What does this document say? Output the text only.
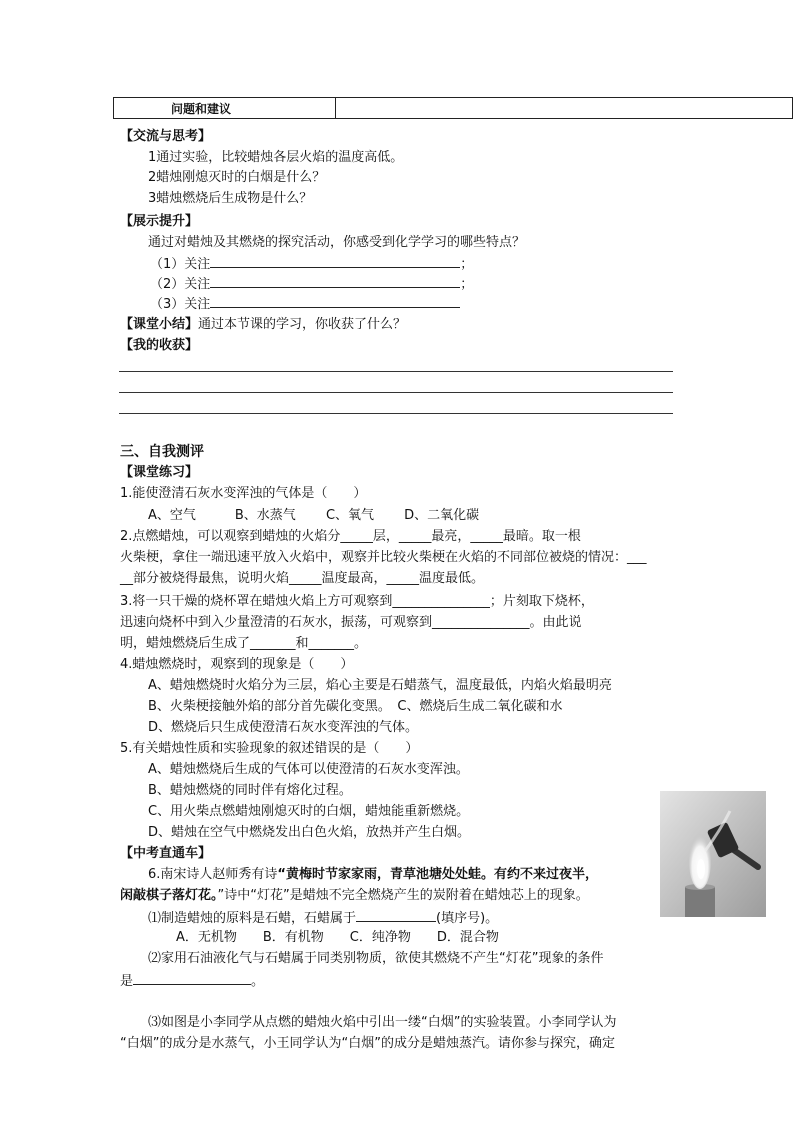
问题和建议	
【交流与思考】
1通过实验，比较蜡烛各层火焰的温度高低。
2蜡烛刚熄灭时的白烟是什么？
3蜡烛燃烧后生成物是什么？
【展示提升】
通过对蜡烛及其燃烧的探究活动，你感受到化学学习的哪些特点？
（1）关注	；
（2）关注	；
（3）关注
【课堂小结】通过本节课的学习，你收获了什么？
【我的收获】
三、自我测评
【课堂练习】
1.能使澄清石灰水变浑浊的气体是（　　）
A、空气　　　B、水蒸气　　 C、氧气　　 D、二氧化碳
2.点燃蜡烛，可以观察到蜡烛的火焰分_____层，_____最亮，_____最暗。取一根
火柴梗，拿住一端迅速平放入火焰中，观察并比较火柴梗在火焰的不同部位被烧的情况：___
__部分被烧得最焦，说明火焰_____温度最高，_____温度最低。
3.将一只干燥的烧杯罩在蜡烛火焰上方可观察到_______________；片刻取下烧杯，
迅速向烧杯中到入少量澄清的石灰水，振荡，可观察到_______________。由此说
明，蜡烛燃烧后生成了_______和_______。
4.蜡烛燃烧时，观察到的现象是（　　）
A、蜡烛燃烧时火焰分为三层，焰心主要是石蜡蒸气，温度最低，内焰火焰最明亮
B、火柴梗接触外焰的部分首先碳化变黑。　C、燃烧后生成二氧化碳和水
D、燃烧后只生成使澄清石灰水变浑浊的气体。
5.有关蜡烛性质和实验现象的叙述错误的是（　　）
A、蜡烛燃烧后生成的气体可以使澄清的石灰水变浑浊。
B、蜡烛燃烧的同时伴有熔化过程。
C、用火柴点燃蜡烛刚熄灭时的白烟，蜡烛能重新燃烧。
D、蜡烛在空气中燃烧发出白色火焰，放热并产生白烟。
【中考直通车】
6.南宋诗人赵师秀有诗“黄梅时节家家雨，青草池塘处处蛙。有约不来过夜半，
闲敲棋子落灯花。”诗中“灯花”是蜡烛不完全燃烧产生的炭附着在蜡烛芯上的现象。
⑴制造蜡烛的原料是石蜡，石蜡属于	(填序号)。
A．无机物　　B．有机物　　C．纯净物　　D．混合物
⑵家用石油液化气与石蜡属于同类别物质，欲使其燃烧不产生“灯花”现象的条件
是	。
⑶如图是小李同学从点燃的蜡烛火焰中引出一缕“白烟”的实验装置。小李同学认为
“白烟”的成分是水蒸气，小王同学认为“白烟”的成分是蜡烛蒸汽。请你参与探究，确定
